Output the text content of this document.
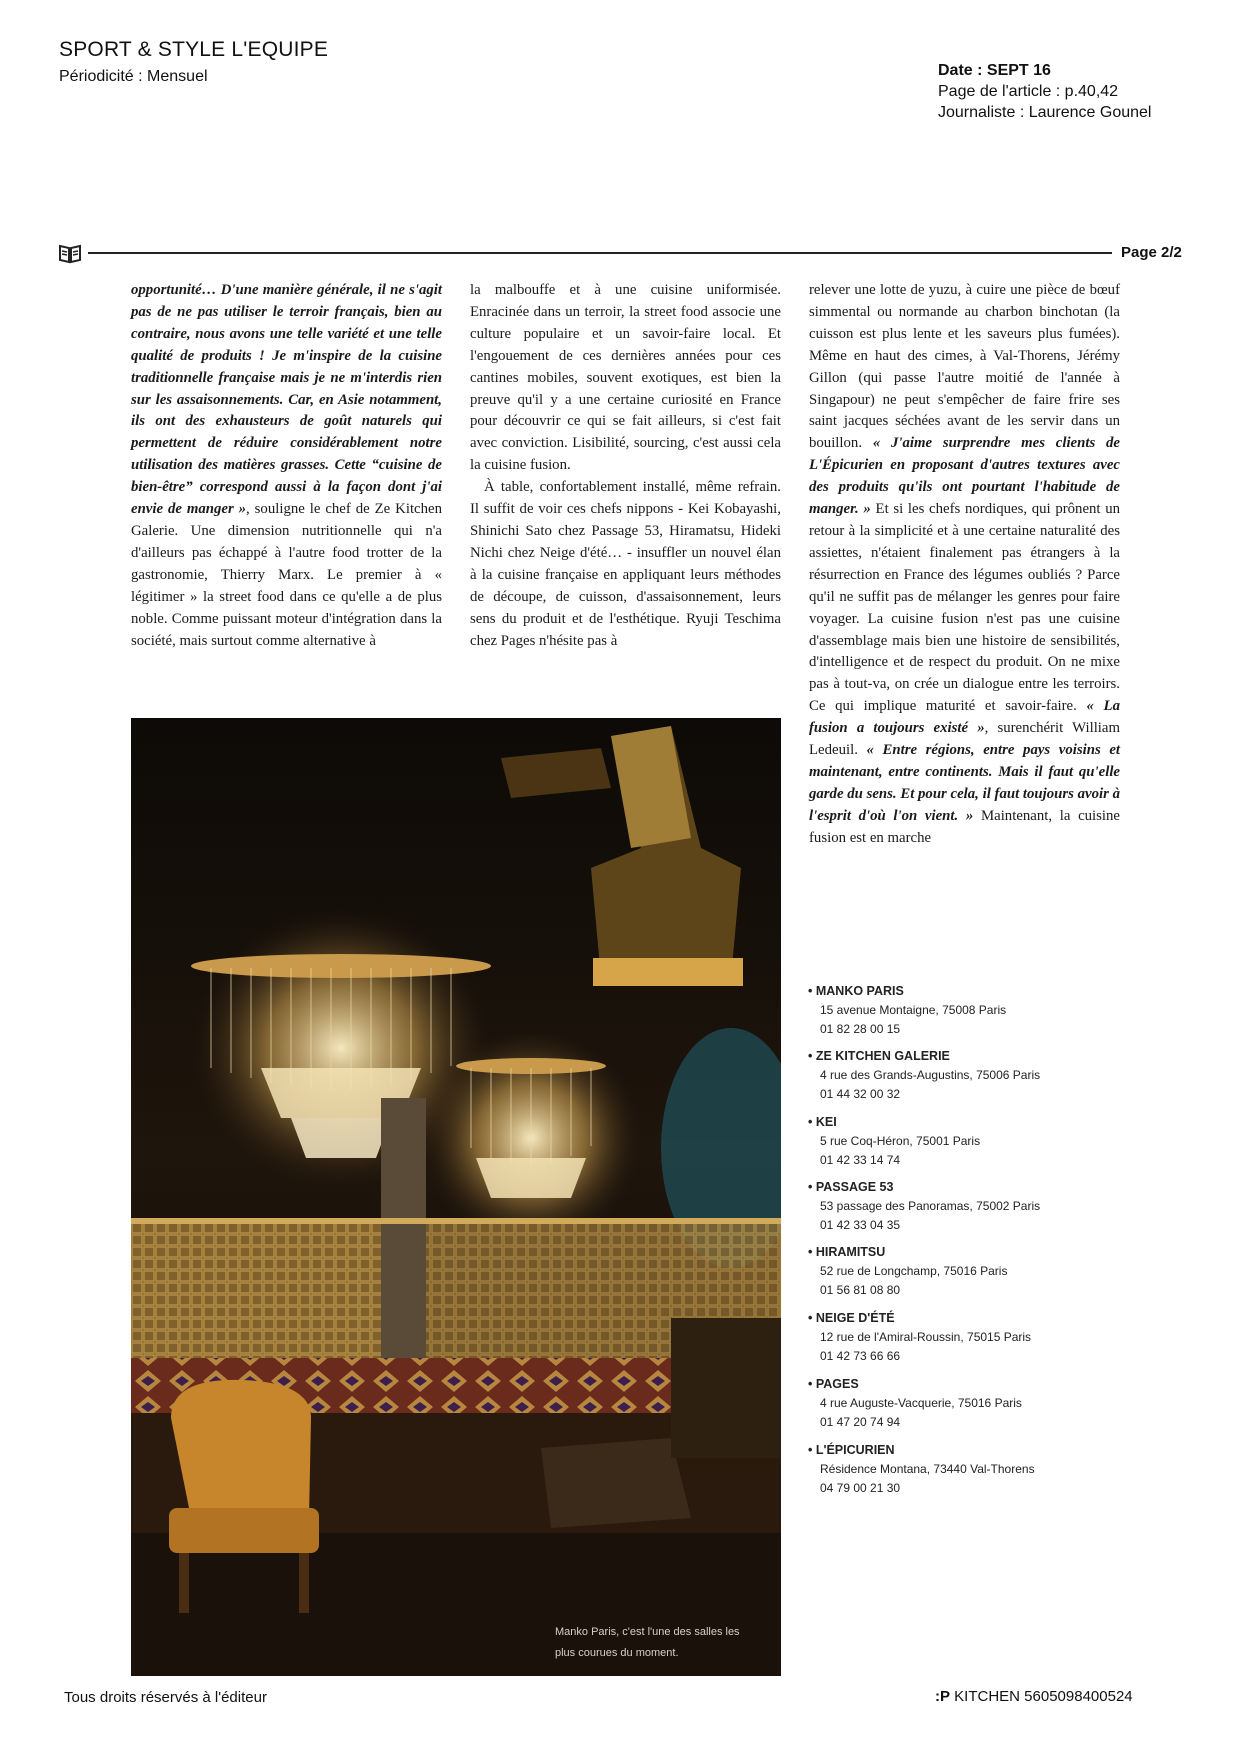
SPORT & STYLE L'EQUIPE
Périodicité : Mensuel	Date : SEPT 16
Page de l'article : p.40,42
Journaliste : Laurence Gounel
Page 2/2

opportunité… D'une manière générale, il ne s'agit pas de ne pas utiliser le terroir français, bien au contraire, nous avons une telle variété et une telle qualité de produits ! Je m'inspire de la cuisine traditionnelle française mais je ne m'interdis rien sur les assaisonnements. Car, en Asie notamment, ils ont des exhausteurs de goût naturels qui permettent de réduire considérablement notre utilisation des matières grasses. Cette “cuisine de bien-être” correspond aussi à la façon dont j'ai envie de manger », souligne le chef de Ze Kitchen Galerie. Une dimension nutritionnelle qui n'a d'ailleurs pas échappé à l'autre food trotter de la gastronomie, Thierry Marx. Le premier à « légitimer » la street food dans ce qu'elle a de plus noble. Comme puissant moteur d'intégration dans la société, mais surtout comme alternative à

la malbouffe et à une cuisine uniformisée. Enracinée dans un terroir, la street food associe une culture populaire et un savoir-faire local. Et l'engouement de ces dernières années pour ces cantines mobiles, souvent exotiques, est bien la preuve qu'il y a une certaine curiosité en France pour découvrir ce qui se fait ailleurs, si c'est fait avec conviction. Lisibilité, sourcing, c'est aussi cela la cuisine fusion.

À table, confortablement installé, même refrain. Il suffit de voir ces chefs nippons - Kei Kobayashi, Shinichi Sato chez Passage 53, Hiramatsu, Hideki Nichi chez Neige d'été… - insuffler un nouvel élan à la cuisine française en appliquant leurs méthodes de découpe, de cuisson, d'assaisonnement, leurs sens du produit et de l'esthétique. Ryuji Teschima chez Pages n'hésite pas à

relever une lotte de yuzu, à cuire une pièce de bœuf simmental ou normande au charbon binchotan (la cuisson est plus lente et les saveurs plus fumées). Même en haut des cimes, à Val-Thorens, Jérémy Gillon (qui passe l'autre moitié de l'année à Singapour) ne peut s'empêcher de faire frire ses saint jacques séchées avant de les servir dans un bouillon. « J'aime surprendre mes clients de L'Épicurien en proposant d'autres textures avec des produits qu'ils ont pourtant l'habitude de manger. » Et si les chefs nordiques, qui prônent un retour à la simplicité et à une certaine naturalité des assiettes, n'étaient finalement pas étrangers à la résurrection en France des légumes oubliés ? Parce qu'il ne suffit pas de mélanger les genres pour faire voyager. La cuisine fusion n'est pas une cuisine d'assemblage mais bien une histoire de sensibilités, d'intelligence et de respect du produit. On ne mixe pas à tout-va, on crée un dialogue entre les terroirs. Ce qui implique maturité et savoir-faire. « La fusion a toujours existé », surenchérit William Ledeuil. « Entre régions, entre pays voisins et maintenant, entre continents. Mais il faut qu'elle garde du sens. Et pour cela, il faut toujours avoir à l'esprit d'où l'on vient. » Maintenant, la cuisine fusion est en marche

Manko Paris, c'est l'une des salles les plus courues du moment.
• MANKO PARIS
15 avenue Montaigne, 75008 Paris
01 82 28 00 15
• ZE KITCHEN GALERIE
4 rue des Grands-Augustins, 75006 Paris
01 44 32 00 32
• KEI
5 rue Coq-Héron, 75001 Paris
01 42 33 14 74
• PASSAGE 53
53 passage des Panoramas, 75002 Paris
01 42 33 04 35
• HIRAMITSU
52 rue de Longchamp, 75016 Paris
01 56 81 08 80
• NEIGE D'ÉTÉ
12 rue de l'Amiral-Roussin, 75015 Paris
01 42 73 66 66
• PAGES
4 rue Auguste-Vacquerie, 75016 Paris
01 47 20 74 94
• L'ÉPICURIEN
Résidence Montana, 73440 Val-Thorens
04 79 00 21 30
Tous droits réservés à l'éditeur	:P KITCHEN 5605098400524
